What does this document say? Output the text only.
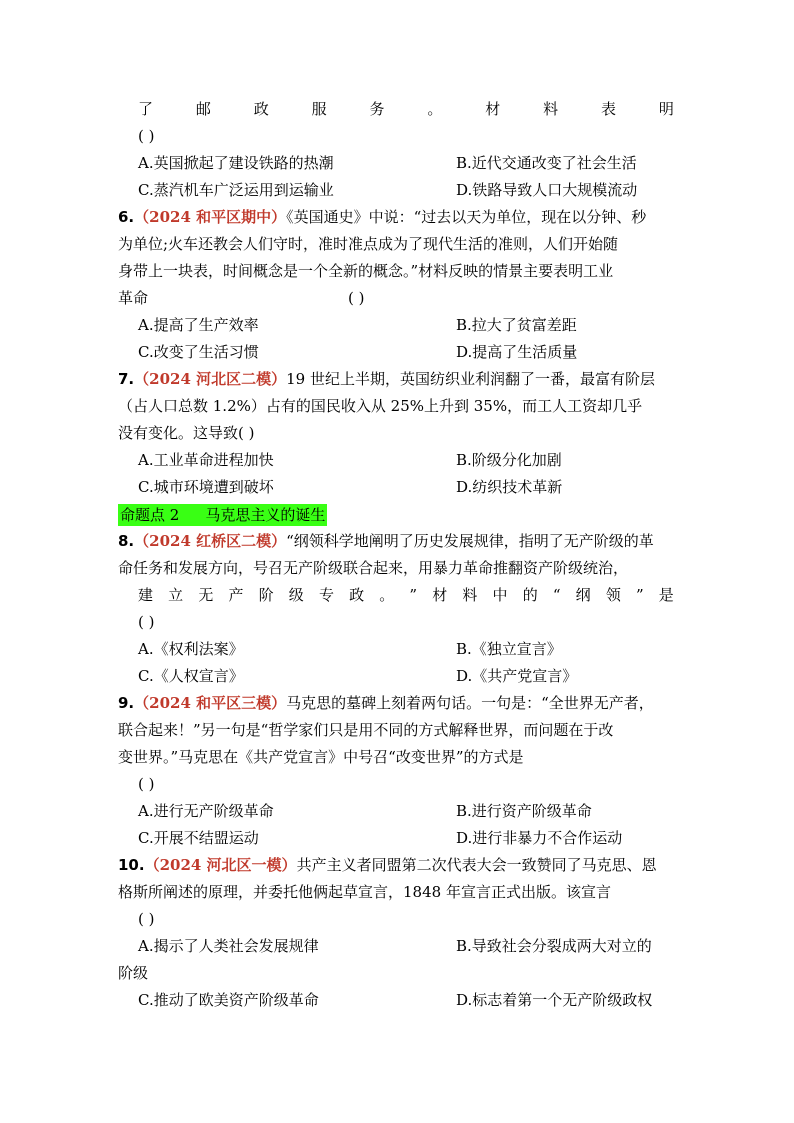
了	邮	政	服	务	。	材	料	表	明
( )
A.英国掀起了建设铁路的热潮	B.近代交通改变了社会生活
C.蒸汽机车广泛运用到运输业	D.铁路导致人口大规模流动
6.（2024 和平区期中）《英国通史》中说：“过去以天为单位，现在以分钟、秒
为单位;火车还教会人们守时，准时准点成为了现代生活的准则，人们开始随
身带上一块表，时间概念是一个全新的概念。”材料反映的情景主要表明工业
革命	( )
A.提高了生产效率	B.拉大了贫富差距
C.改变了生活习惯	D.提高了生活质量
7.（2024 河北区二模）19 世纪上半期，英国纺织业利润翻了一番，最富有阶层
（占人口总数 1.2%）占有的国民收入从 25%上升到 35%，而工人工资却几乎
没有变化。这导致( )
A.工业革命进程加快	B.阶级分化加剧
C.城市环境遭到破坏	D.纺织技术革新
命题点 2 马克思主义的诞生
8.（2024 红桥区二模）“纲领科学地阐明了历史发展规律，指明了无产阶级的革
命任务和发展方向，号召无产阶级联合起来，用暴力革命推翻资产阶级统治，
建 立 无 产 阶 级 专 政 。 ” 材 料 中 的 “ 纲 领 ” 是
( )
A.《权利法案》	B.《独立宣言》
C.《人权宣言》	D.《共产党宣言》
9.（2024 和平区三模）马克思的墓碑上刻着两句话。一句是：“全世界无产者，
联合起来！”另一句是“哲学家们只是用不同的方式解释世界，而问题在于改
变世界。”马克思在《共产党宣言》中号召“改变世界”的方式是
( )
A.进行无产阶级革命	B.进行资产阶级革命
C.开展不结盟运动	D.进行非暴力不合作运动
10.（2024 河北区一模）共产主义者同盟第二次代表大会一致赞同了马克思、恩
格斯所阐述的原理，并委托他俩起草宣言，1848 年宣言正式出版。该宣言
( )
A.揭示了人类社会发展规律	B.导致社会分裂成两大对立的
阶级
C.推动了欧美资产阶级革命	D.标志着第一个无产阶级政权
